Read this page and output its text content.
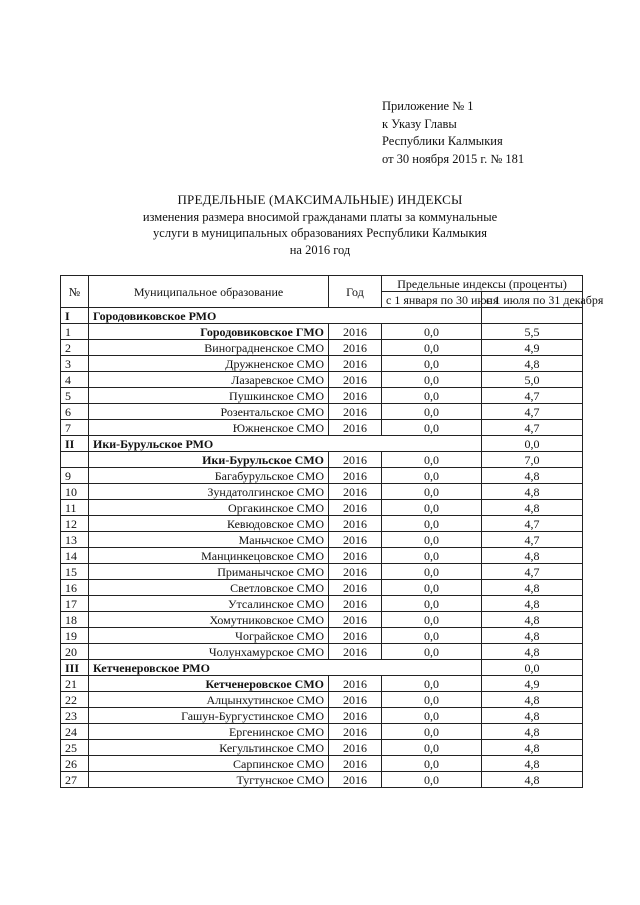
Приложение № 1
к Указу Главы
Республики Калмыкия
от 30 ноября 2015 г. № 181
ПРЕДЕЛЬНЫЕ (МАКСИМАЛЬНЫЕ) ИНДЕКСЫ
изменения размера вносимой гражданами платы за коммунальные
услуги в муниципальных образованиях Республики Калмыкия
на 2016 год
№	Муниципальное образование	Год	Предельные индексы (проценты)	
			с 1 января по 30 июня	с 1 июля по 31 декабря
I	Городовиковское РМО			
1	Городовиковское ГМО	2016	0,0	5,5
2	Виноградненское СМО	2016	0,0	4,9
3	Дружненское СМО	2016	0,0	4,8
4	Лазаревское СМО	2016	0,0	5,0
5	Пушкинское СМО	2016	0,0	4,7
6	Розентальское СМО	2016	0,0	4,7
7	Южненское СМО	2016	0,0	4,7
II	Ики-Бурульское РМО			0,0
	Ики-Бурульское СМО	2016	0,0	7,0
9	Багабурульское СМО	2016	0,0	4,8
10	Зундатолгинское СМО	2016	0,0	4,8
11	Оргакинское СМО	2016	0,0	4,8
12	Кевюдовское СМО	2016	0,0	4,7
13	Маньчское СМО	2016	0,0	4,7
14	Манцинкецовское СМО	2016	0,0	4,8
15	Приманычское СМО	2016	0,0	4,7
16	Светловское СМО	2016	0,0	4,8
17	Утсалинское СМО	2016	0,0	4,8
18	Хомутниковское СМО	2016	0,0	4,8
19	Чограйское СМО	2016	0,0	4,8
20	Чолунхамурское СМО	2016	0,0	4,8
III	Кетченеровское РМО			0,0
21	Кетченеровское СМО	2016	0,0	4,9
22	Алцынхутинское СМО	2016	0,0	4,8
23	Гашун-Бургустинское СМО	2016	0,0	4,8
24	Ергенинское СМО	2016	0,0	4,8
25	Кегультинское СМО	2016	0,0	4,8
26	Сарпинское СМО	2016	0,0	4,8
27	Тугтунское СМО	2016	0,0	4,8
